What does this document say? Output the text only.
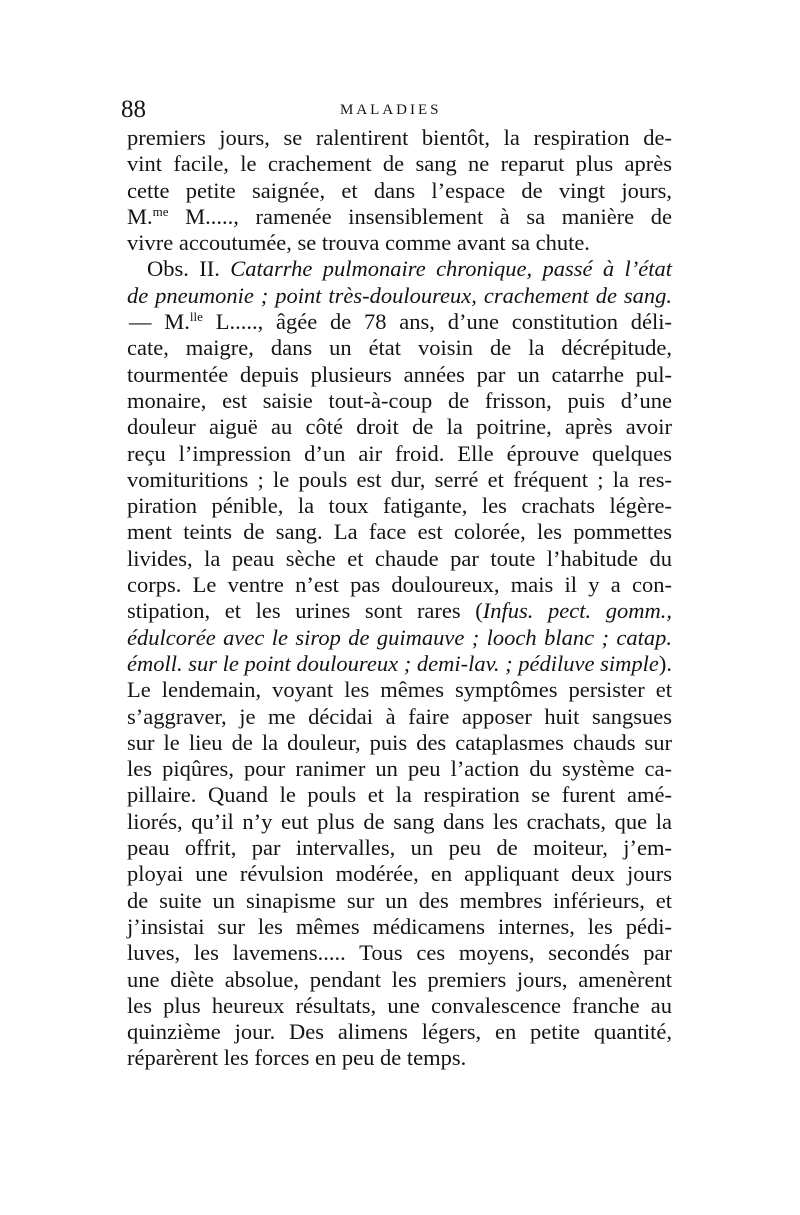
88	MALADIES
premiers jours, se ralentirent bientôt, la respiration de-
vint facile, le crachement de sang ne reparut plus après
cette petite saignée, et dans l’espace de vingt jours,
M.$^{me}$ M....., ramenée insensiblement à sa manière de
vivre accoutumée, se trouva comme avant sa chute.
Obs. II. Catarrhe pulmonaire chronique, passé à l’état
de pneumonie ; point très-douloureux, crachement de sang.
— M.$^{lle}$ L....., âgée de 78 ans, d’une constitution déli-
cate, maigre, dans un état voisin de la décrépitude,
tourmentée depuis plusieurs années par un catarrhe pul-
monaire, est saisie tout-à-coup de frisson, puis d’une
douleur aiguë au côté droit de la poitrine, après avoir
reçu l’impression d’un air froid. Elle éprouve quelques
vomituritions ; le pouls est dur, serré et fréquent ; la res-
piration pénible, la toux fatigante, les crachats légère-
ment teints de sang. La face est colorée, les pommettes
livides, la peau sèche et chaude par toute l’habitude du
corps. Le ventre n’est pas douloureux, mais il y a con-
stipation, et les urines sont rares (Infus. pect. gomm.,
édulcorée avec le sirop de guimauve ; looch blanc ; catap.
émoll. sur le point douloureux ; demi-lav. ; pédiluve simple).
Le lendemain, voyant les mêmes symptômes persister et
s’aggraver, je me décidai à faire apposer huit sangsues
sur le lieu de la douleur, puis des cataplasmes chauds sur
les piqûres, pour ranimer un peu l’action du système ca-
pillaire. Quand le pouls et la respiration se furent amé-
liorés, qu’il n’y eut plus de sang dans les crachats, que la
peau offrit, par intervalles, un peu de moiteur, j’em-
ployai une révulsion modérée, en appliquant deux jours
de suite un sinapisme sur un des membres inférieurs, et
j’insistai sur les mêmes médicamens internes, les pédi-
luves, les lavemens..... Tous ces moyens, secondés par
une diète absolue, pendant les premiers jours, amenèrent
les plus heureux résultats, une convalescence franche au
quinzième jour. Des alimens légers, en petite quantité,
réparèrent les forces en peu de temps.
